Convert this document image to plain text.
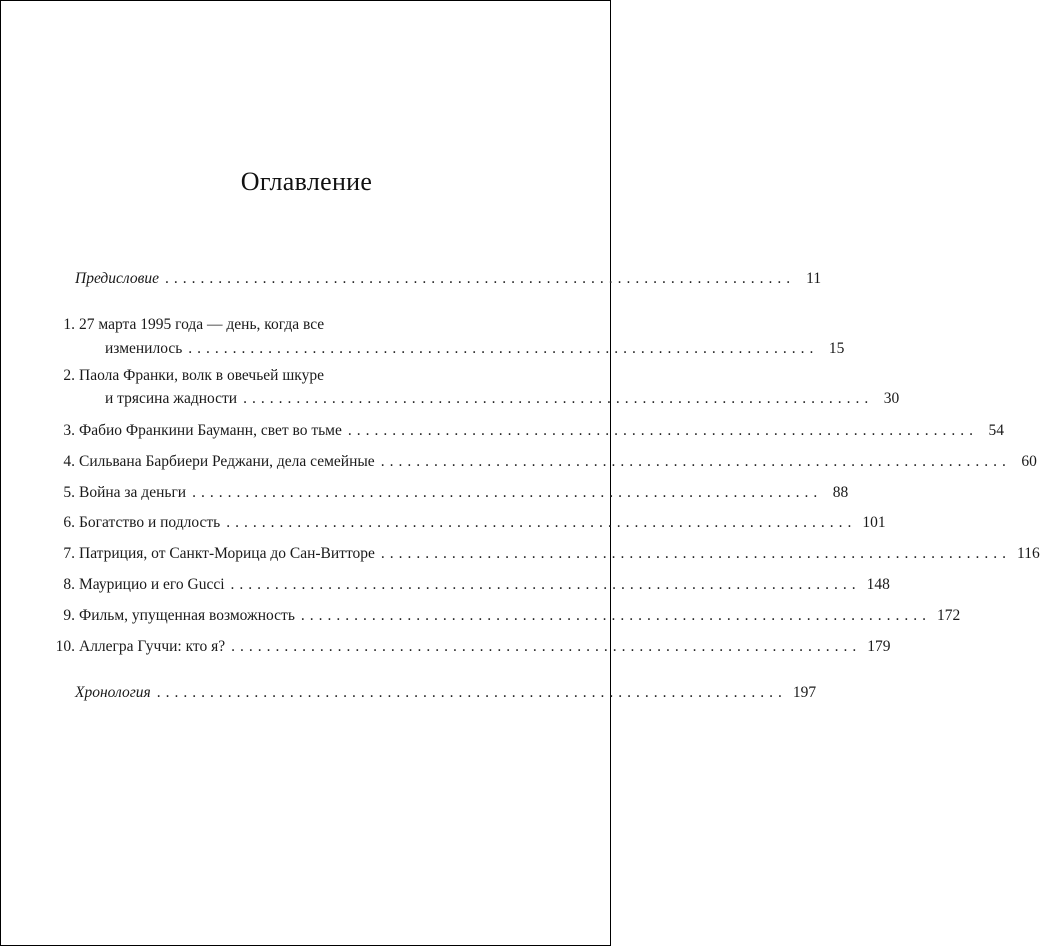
Оглавление
Предисловие ....................................................................... 11
1. 27 марта 1995 года — день, когда все
изменилось ....................................................................... 15
2. Паола Франки, волк в овечьей шкуре
и трясина жадности ....................................................................... 30
3. Фабио Франкини Бауманн, свет во тьме ....................................................................... 54
4. Сильвана Барбиери Реджани, дела семейные ....................................................................... 60
5. Война за деньги ....................................................................... 88
6. Богатство и подлость ....................................................................... 101
7. Патриция, от Санкт-Морица до Сан-Витторе ....................................................................... 116
8. Маурицио и его Gucci ....................................................................... 148
9. Фильм, упущенная возможность ....................................................................... 172
10. Аллегра Гуччи: кто я? ....................................................................... 179
Хронология ....................................................................... 197
